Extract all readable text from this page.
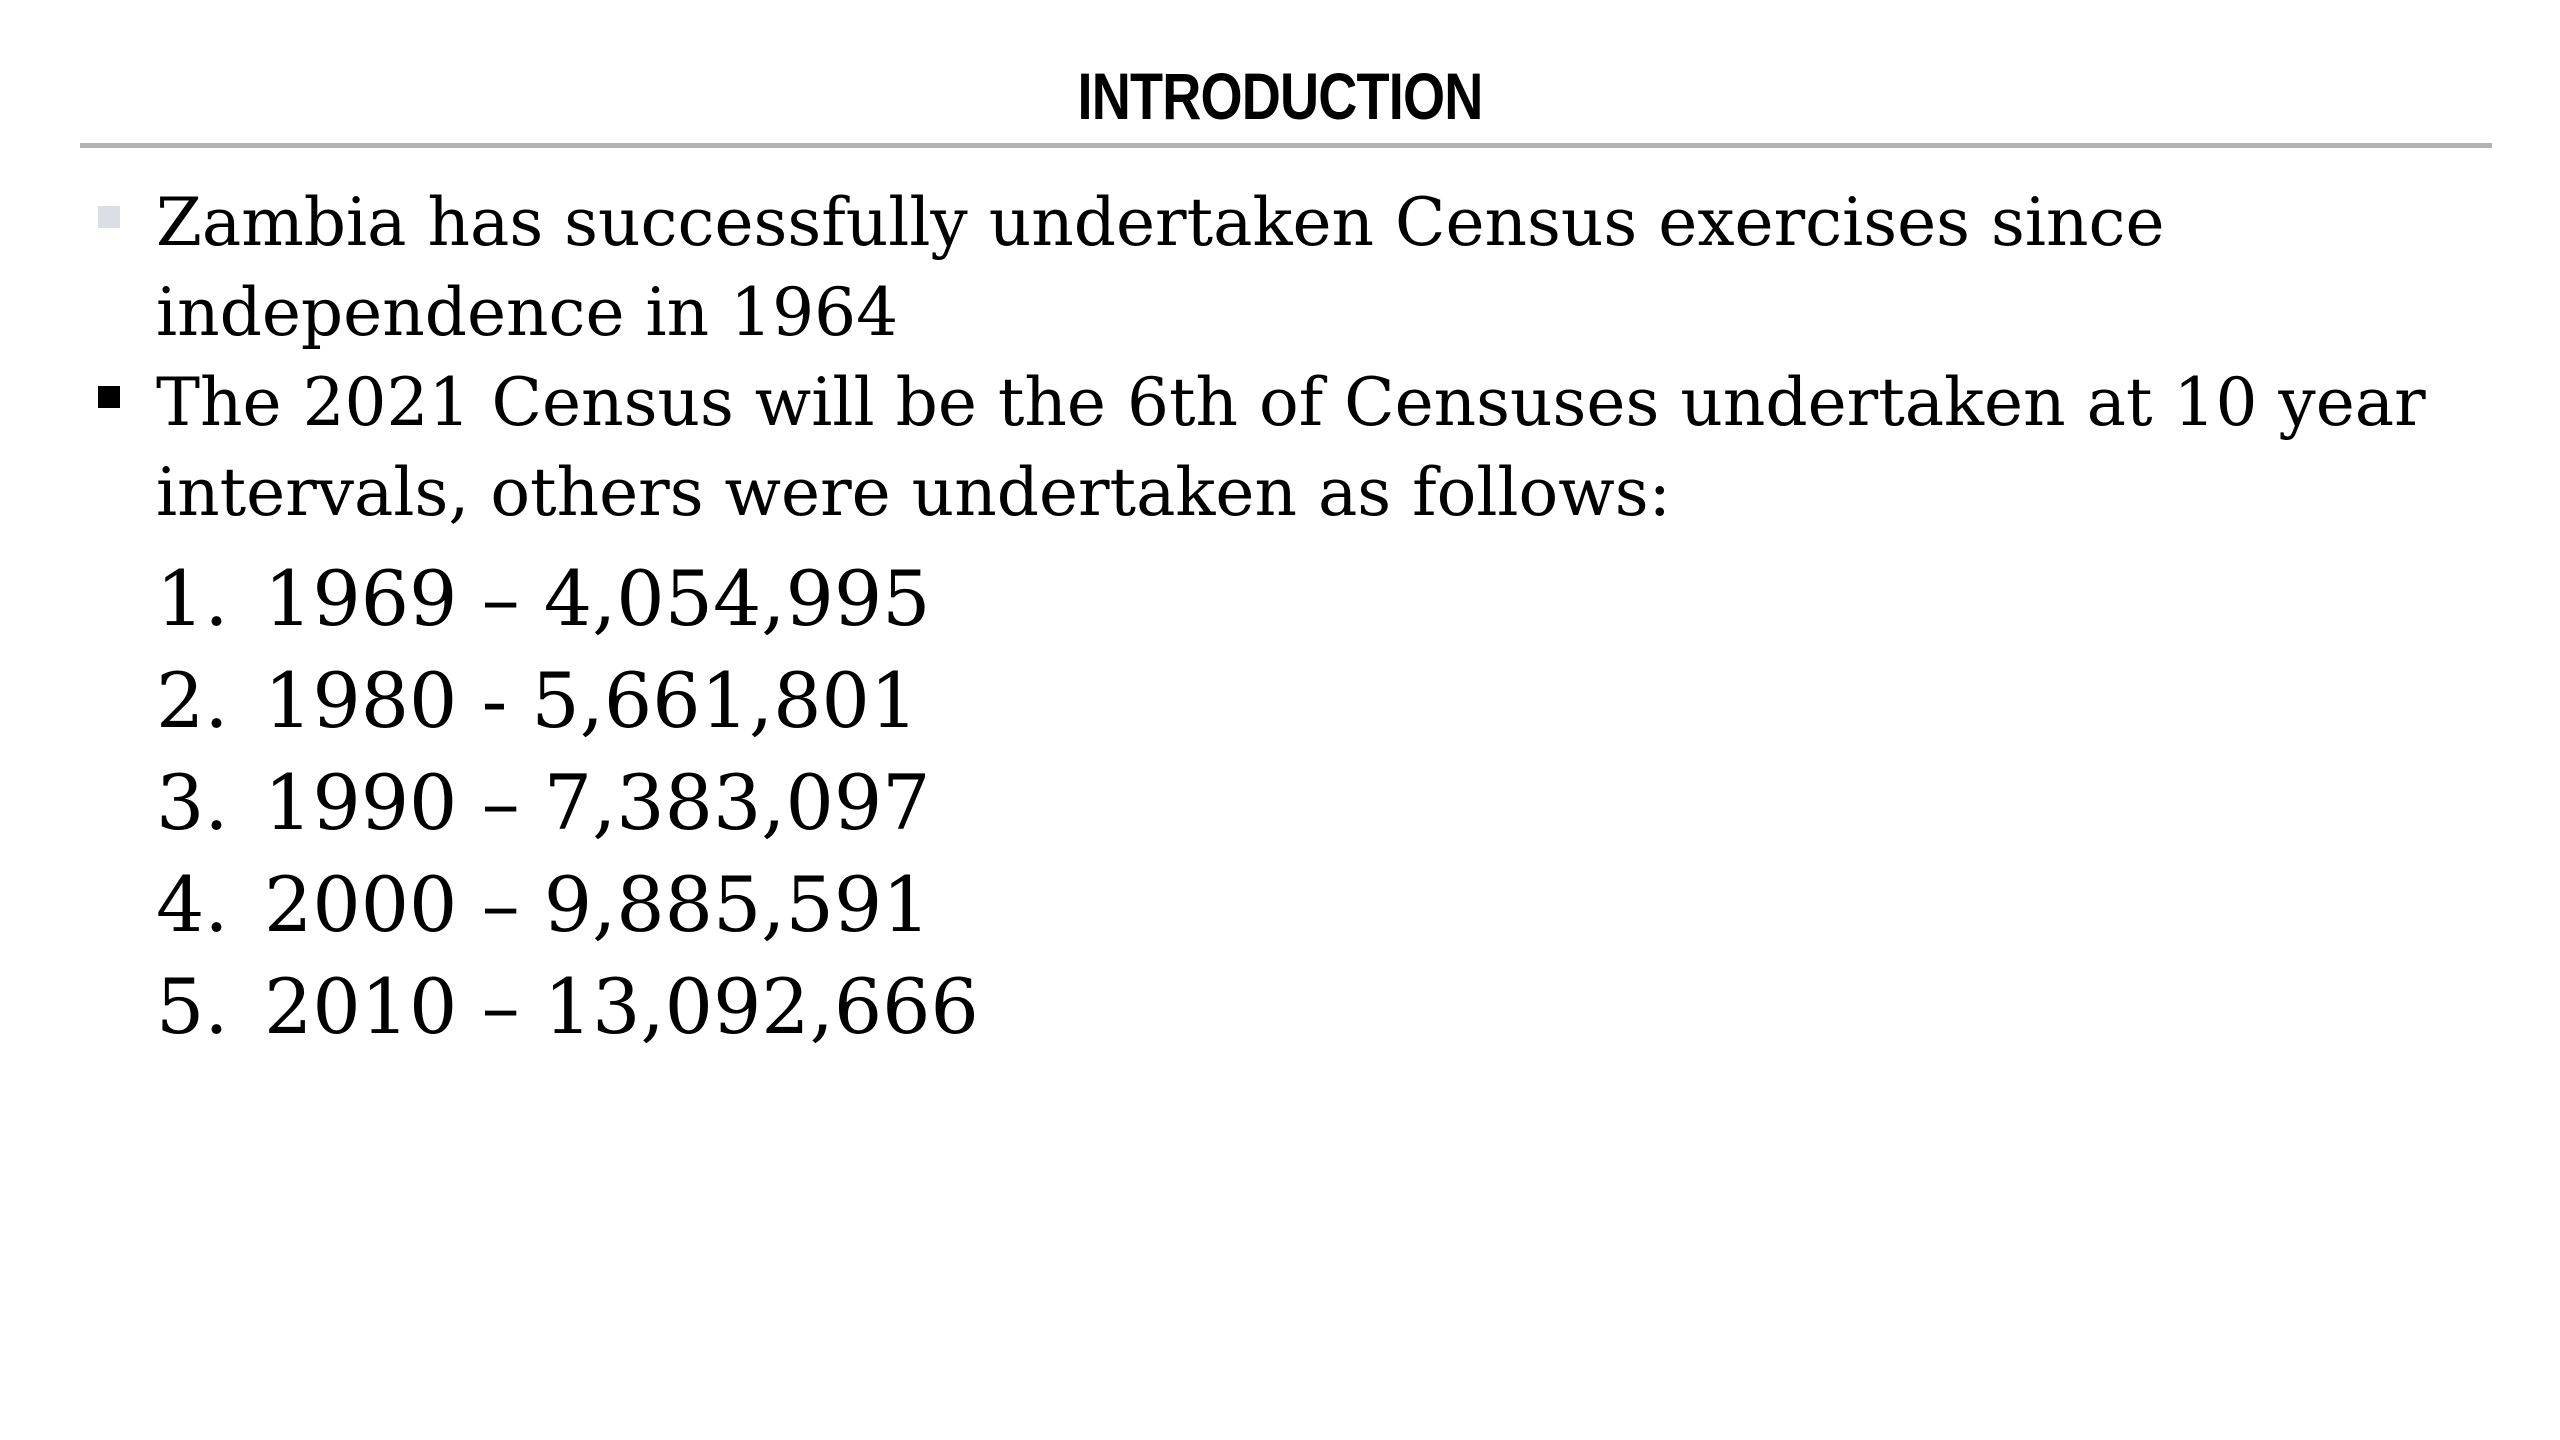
INTRODUCTION
Zambia has successfully undertaken Census exercises since independence in 1964
The 2021 Census will be the 6th of Censuses undertaken at 10 year intervals, others were undertaken as follows:
1. 1969 – 4,054,995
2. 1980 - 5,661,801
3. 1990 – 7,383,097
4. 2000 – 9,885,591
5. 2010 – 13,092,666
